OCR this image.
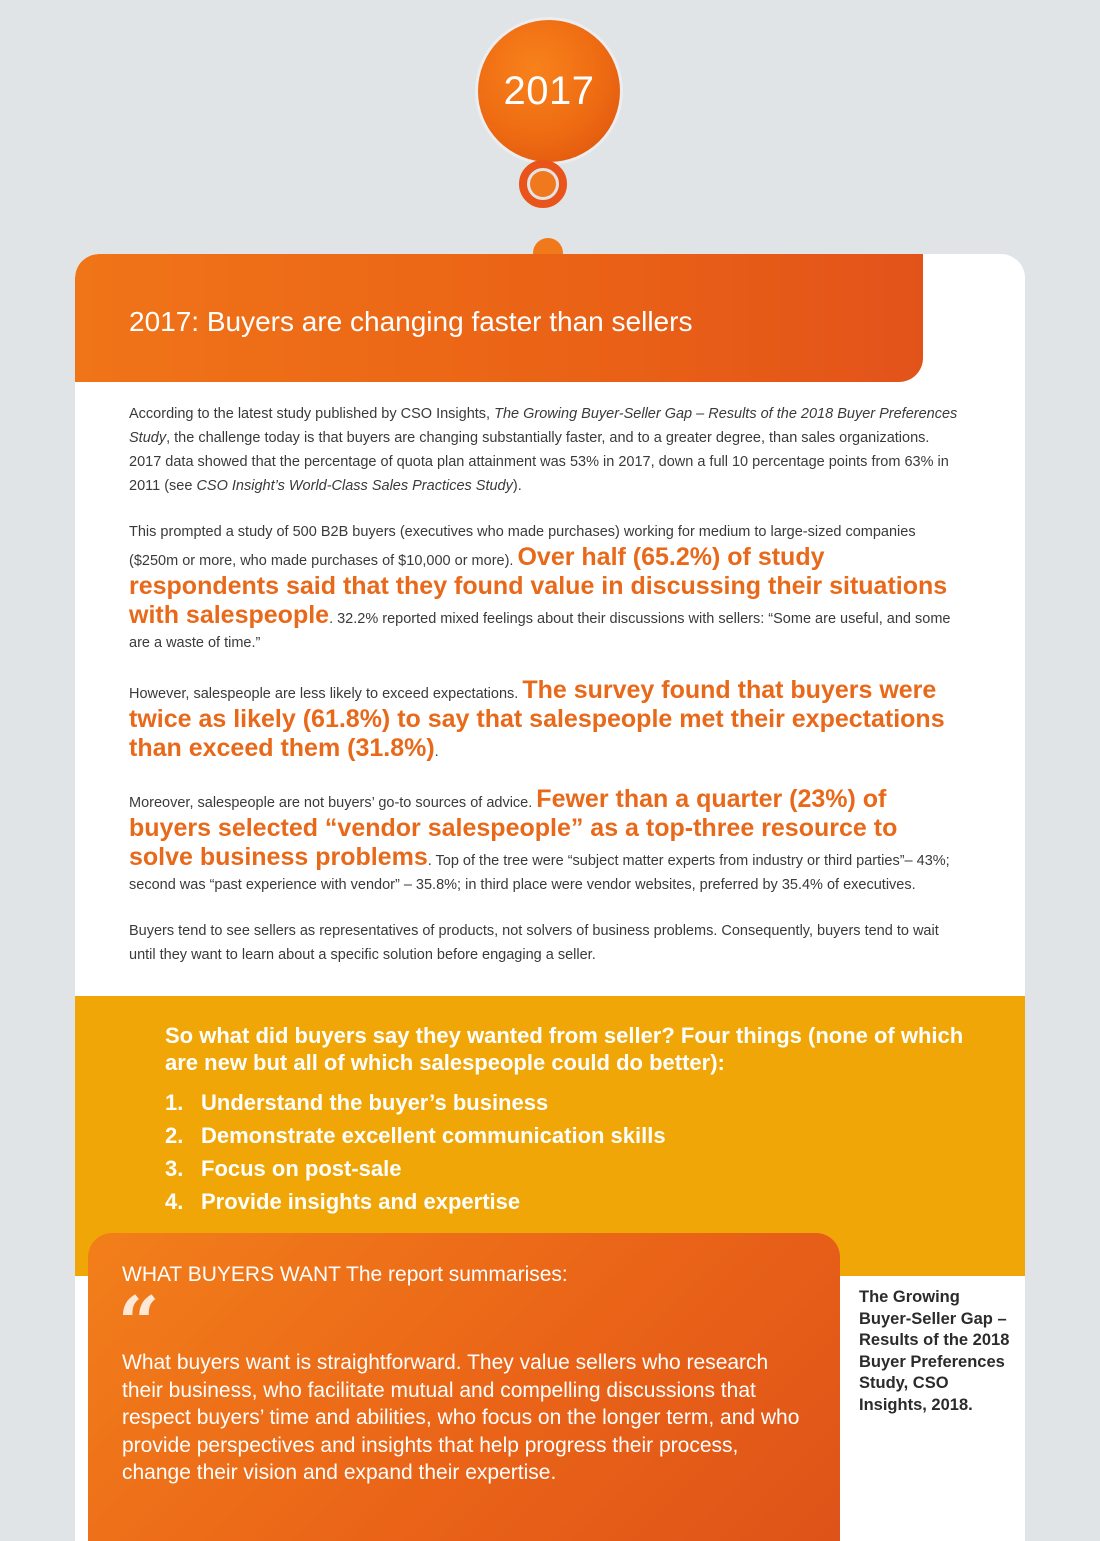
2017
2017: Buyers are changing faster than sellers

According to the latest study published by CSO Insights, The Growing Buyer-Seller Gap – Results of the 2018 Buyer Preferences Study, the challenge today is that buyers are changing substantially faster, and to a greater degree, than sales organizations. 2017 data showed that the percentage of quota plan attainment was 53% in 2017, down a full 10 percentage points from 63% in 2011 (see CSO Insight’s World-Class Sales Practices Study).

This prompted a study of 500 B2B buyers (executives who made purchases) working for medium to large-sized companies ($250m or more, who made purchases of $10,000 or more). Over half (65.2%) of study respondents said that they found value in discussing their situations with salespeople. 32.2% reported mixed feelings about their discussions with sellers: “Some are useful, and some are a waste of time.”

However, salespeople are less likely to exceed expectations. The survey found that buyers were twice as likely (61.8%) to say that salespeople met their expectations than exceed them (31.8%).

Moreover, salespeople are not buyers’ go-to sources of advice. Fewer than a quarter (23%) of buyers selected “vendor salespeople” as a top-three resource to solve business problems. Top of the tree were “subject matter experts from industry or third parties”– 43%; second was “past experience with vendor” – 35.8%; in third place were vendor websites, preferred by 35.4% of executives.

Buyers tend to see sellers as representatives of products, not solvers of business problems. Consequently, buyers tend to wait until they want to learn about a specific solution before engaging a seller.

So what did buyers say they wanted from seller? Four things (none of which are new but all of which salespeople could do better):
1. Understand the buyer’s business
2. Demonstrate excellent communication skills
3. Focus on post-sale
4. Provide insights and expertise
WHAT BUYERS WANT The report summarises:
“
What buyers want is straightforward. They value sellers who research their business, who facilitate mutual and compelling discussions that respect buyers’ time and abilities, who focus on the longer term, and who provide perspectives and insights that help progress their process, change their vision and expand their expertise.
The Growing Buyer-Seller Gap – Results of the 2018 Buyer Preferences Study, CSO Insights, 2018.
